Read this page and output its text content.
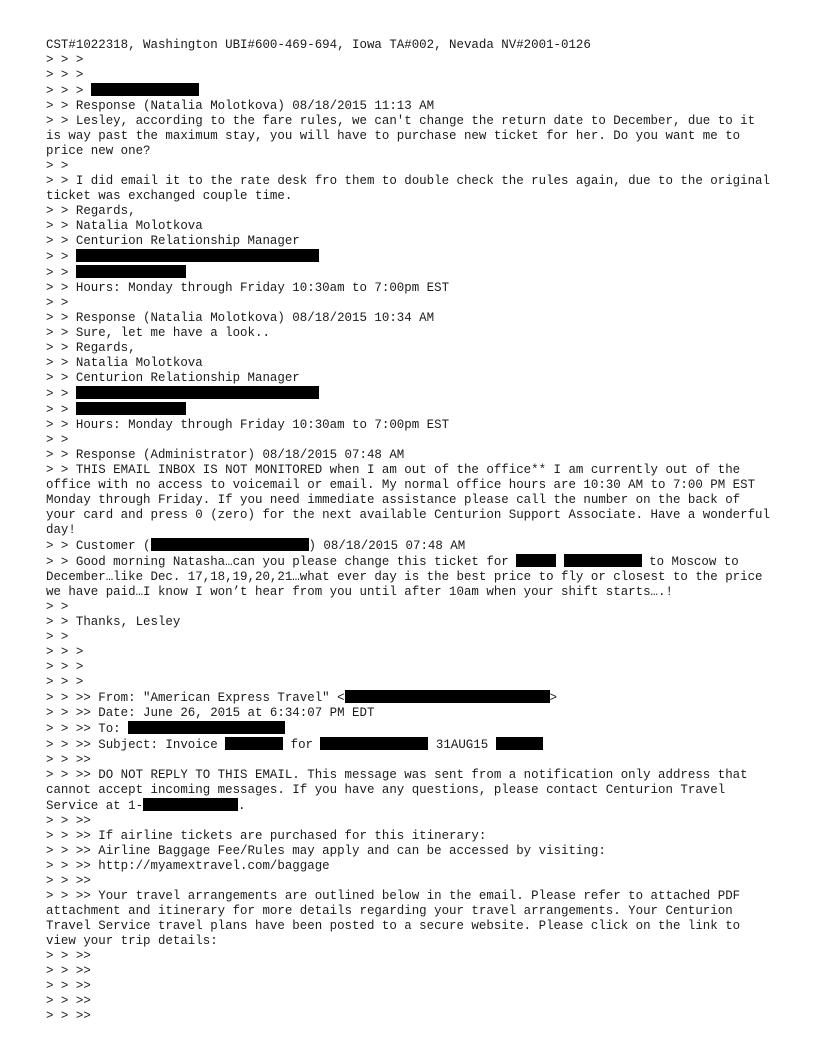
CST#1022318, Washington UBI#600-469-694, Iowa TA#002, Nevada NV#2001-0126
> > >
> > >
> > >
> > Response (Natalia Molotkova) 08/18/2015 11:13 AM
> > Lesley, according to the fare rules, we can't change the return date to December, due to it is way past the maximum stay, you will have to purchase new ticket for her. Do you want me to price new one?
> >
> > I did email it to the rate desk fro them to double check the rules again, due to the original ticket was exchanged couple time.
> > Regards,
> > Natalia Molotkova
> > Centurion Relationship Manager
> >
> >
> > Hours: Monday through Friday 10:30am to 7:00pm EST
> >
> > Response (Natalia Molotkova) 08/18/2015 10:34 AM
> > Sure, let me have a look..
> > Regards,
> > Natalia Molotkova
> > Centurion Relationship Manager
> >
> >
> > Hours: Monday through Friday 10:30am to 7:00pm EST
> >
> > Response (Administrator) 08/18/2015 07:48 AM
> > THIS EMAIL INBOX IS NOT MONITORED when I am out of the office** I am currently out of the office with no access to voicemail or email. My normal office hours are 10:30 AM to 7:00 PM EST Monday through Friday. If you need immediate assistance please call the number on the back of your card and press 0 (zero) for the next available Centurion Support Associate. Have a wonderful day!
> > Customer (	) 08/18/2015 07:48 AM
> > Good morning Natasha…can you please change this ticket for	to Moscow to December…like Dec. 17,18,19,20,21…what ever day is the best price to fly or closest to the price we have paid…I know I won’t hear from you until after 10am when your shift starts….!
> >
> > Thanks, Lesley
> >
> > >
> > >
> > >
> > >> From: "American Express Travel" <	>
> > >> Date: June 26, 2015 at 6:34:07 PM EDT
> > >> To:
> > >> Subject: Invoice	for	31AUG15
> > >>
> > >> DO NOT REPLY TO THIS EMAIL. This message was sent from a notification only address that cannot accept incoming messages. If you have any questions, please contact Centurion Travel Service at 1-	.
> > >>
> > >> If airline tickets are purchased for this itinerary:
> > >> Airline Baggage Fee/Rules may apply and can be accessed by visiting:
> > >> http://myamextravel.com/baggage
> > >>
> > >> Your travel arrangements are outlined below in the email. Please refer to attached PDF attachment and itinerary for more details regarding your travel arrangements. Your Centurion Travel Service travel plans have been posted to a secure website. Please click on the link to view your trip details:
> > >>
> > >>
> > >>
> > >>
> > >>
